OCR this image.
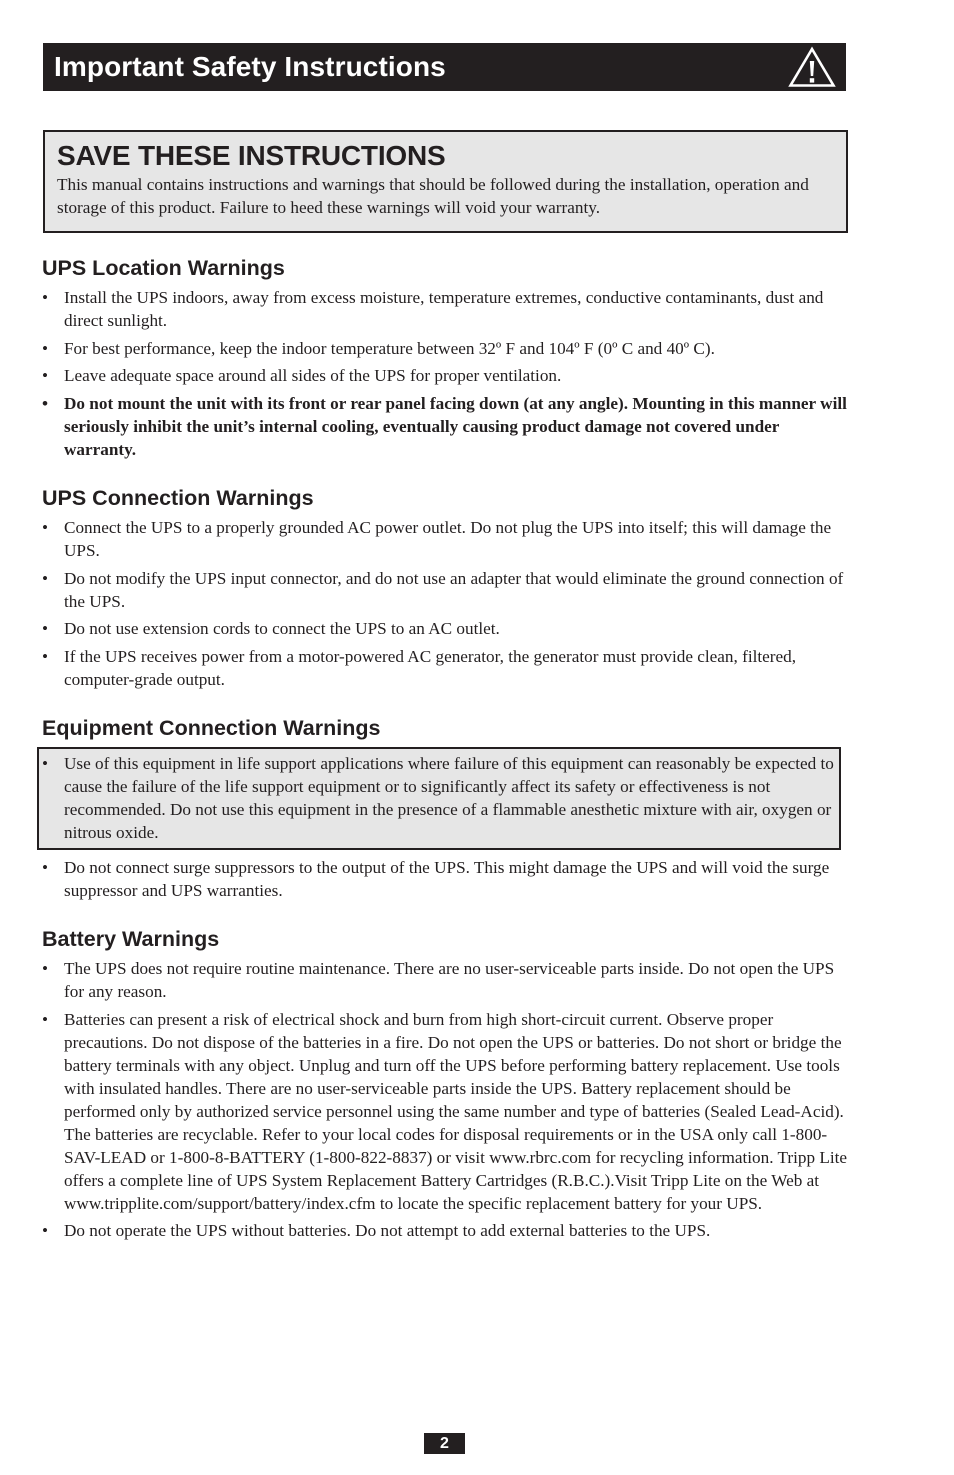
Important Safety Instructions
SAVE THESE INSTRUCTIONS
This manual contains instructions and warnings that should be followed during the installation, operation and storage of this product. Failure to heed these warnings will void your warranty.
UPS Location Warnings
• Install the UPS indoors, away from excess moisture, temperature extremes, conductive contaminants, dust and direct sunlight.
• For best performance, keep the indoor temperature between 32º F and 104º F (0º C and 40º C).
• Leave adequate space around all sides of the UPS for proper ventilation.
• Do not mount the unit with its front or rear panel facing down (at any angle). Mounting in this manner will seriously inhibit the unit’s internal cooling, eventually causing product damage not covered under warranty.
UPS Connection Warnings
• Connect the UPS to a properly grounded AC power outlet. Do not plug the UPS into itself; this will damage the UPS.
• Do not modify the UPS input connector, and do not use an adapter that would eliminate the ground connection of the UPS.
• Do not use extension cords to connect the UPS to an AC outlet.
• If the UPS receives power from a motor-powered AC generator, the generator must provide clean, filtered, computer-grade output.
Equipment Connection Warnings
• Use of this equipment in life support applications where failure of this equipment can reasonably be expected to cause the failure of the life support equipment or to significantly affect its safety or effectiveness is not recommended. Do not use this equipment in the presence of a flammable anesthetic mixture with air, oxygen or nitrous oxide.
• Do not connect surge suppressors to the output of the UPS. This might damage the UPS and will void the surge suppressor and UPS warranties.
Battery Warnings
• The UPS does not require routine maintenance. There are no user-serviceable parts inside. Do not open the UPS for any reason.
• Batteries can present a risk of electrical shock and burn from high short-circuit current. Observe proper precautions. Do not dispose of the batteries in a fire. Do not open the UPS or batteries. Do not short or bridge the battery terminals with any object. Unplug and turn off the UPS before performing battery replacement. Use tools with insulated handles. There are no user-serviceable parts inside the UPS. Battery replacement should be performed only by authorized service personnel using the same number and type of batteries (Sealed Lead-Acid). The batteries are recyclable. Refer to your local codes for disposal requirements or in the USA only call 1-800-SAV-LEAD or 1-800-8-BATTERY (1-800-822-8837) or visit www.rbrc.com for recycling information. Tripp Lite offers a complete line of UPS System Replacement Battery Cartridges (R.B.C.).Visit Tripp Lite on the Web at www.tripplite.com/support/battery/index.cfm to locate the specific replacement battery for your UPS.
• Do not operate the UPS without batteries. Do not attempt to add external batteries to the UPS.
2
